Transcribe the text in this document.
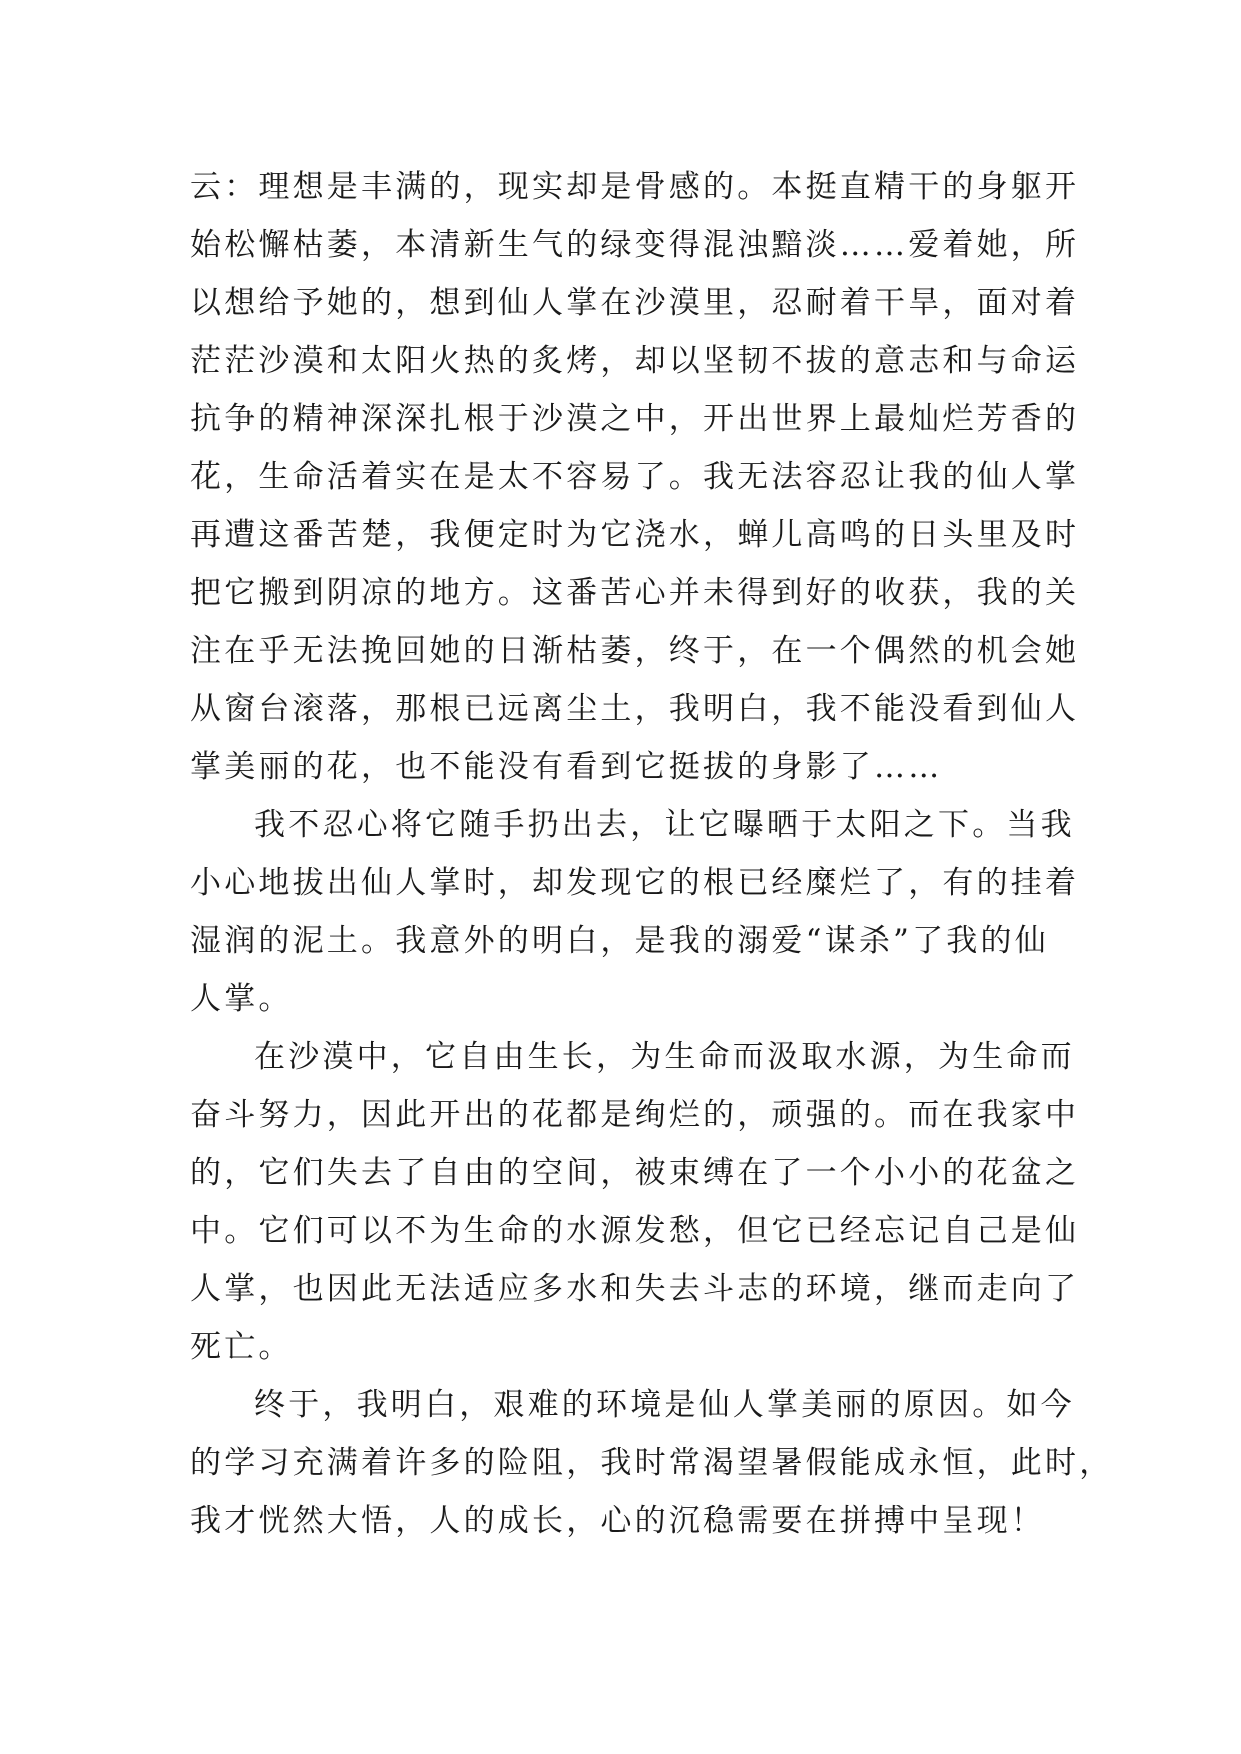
云：理想是丰满的，现实却是骨感的。本挺直精干的身躯开
始松懈枯萎，本清新生气的绿变得混浊黯淡……爱着她，所
以想给予她的，想到仙人掌在沙漠里，忍耐着干旱，面对着
茫茫沙漠和太阳火热的炙烤，却以坚韧不拔的意志和与命运
抗争的精神深深扎根于沙漠之中，开出世界上最灿烂芳香的
花，生命活着实在是太不容易了。我无法容忍让我的仙人掌
再遭这番苦楚，我便定时为它浇水，蝉儿高鸣的日头里及时
把它搬到阴凉的地方。这番苦心并未得到好的收获，我的关
注在乎无法挽回她的日渐枯萎，终于，在一个偶然的机会她
从窗台滚落，那根已远离尘土，我明白，我不能没看到仙人
掌美丽的花，也不能没有看到它挺拔的身影了……
我不忍心将它随手扔出去，让它曝晒于太阳之下。当我
小心地拔出仙人掌时，却发现它的根已经糜烂了，有的挂着
湿润的泥土。我意外的明白，是我的溺爱“谋杀”了我的仙
人掌。
在沙漠中，它自由生长，为生命而汲取水源，为生命而
奋斗努力，因此开出的花都是绚烂的，顽强的。而在我家中
的，它们失去了自由的空间，被束缚在了一个小小的花盆之
中。它们可以不为生命的水源发愁，但它已经忘记自己是仙
人掌，也因此无法适应多水和失去斗志的环境，继而走向了
死亡。
终于，我明白，艰难的环境是仙人掌美丽的原因。如今
的学习充满着许多的险阻，我时常渴望暑假能成永恒，此时，
我才恍然大悟，人的成长，心的沉稳需要在拼搏中呈现！
